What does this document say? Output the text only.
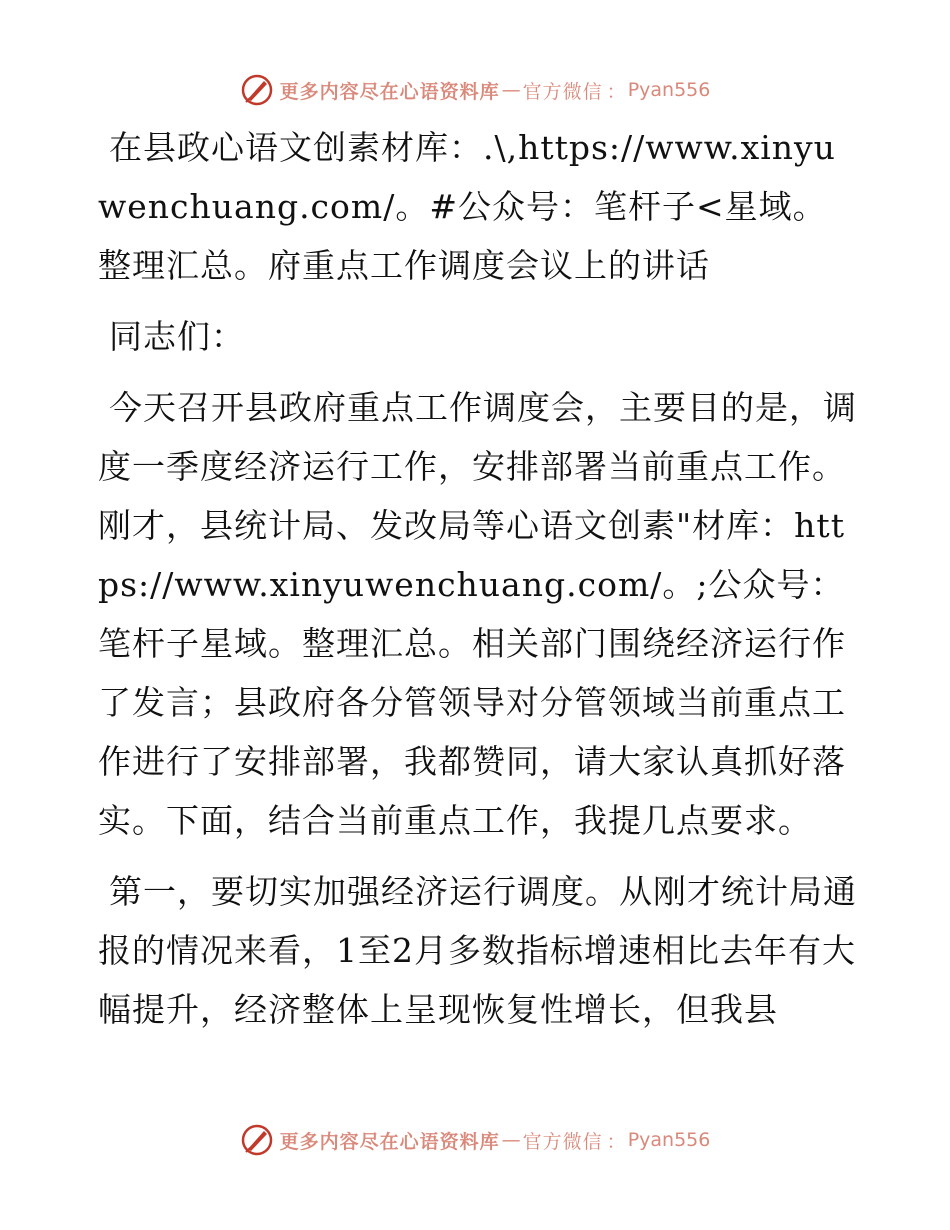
更多内容尽在心语资料库 — 官方微信 ： Pyan556

在县政心语文创素材库：.\,https://www.xinyuwenchuang.com/。#公众号：笔杆子<星域。整理汇总。府重点工作调度会议上的讲话

同志们：

今天召开县政府重点工作调度会，主要目的是，调度一季度经济运行工作，安排部署当前重点工作。刚才，县统计局、发改局等心语文创素"材库：https://www.xinyuwenchuang.com/。;公众号：笔杆子星域。整理汇总。相关部门围绕经济运行作了发言；县政府各分管领导对分管领域当前重点工作进行了安排部署，我都赞同，请大家认真抓好落实。下面，结合当前重点工作，我提几点要求。

第一，要切实加强经济运行调度。从刚才统计局通报的情况来看，1至2月多数指标增速相比去年有大幅提升，经济整体上呈现恢复性增长，但我县

更多内容尽在心语资料库 — 官方微信 ： Pyan556
